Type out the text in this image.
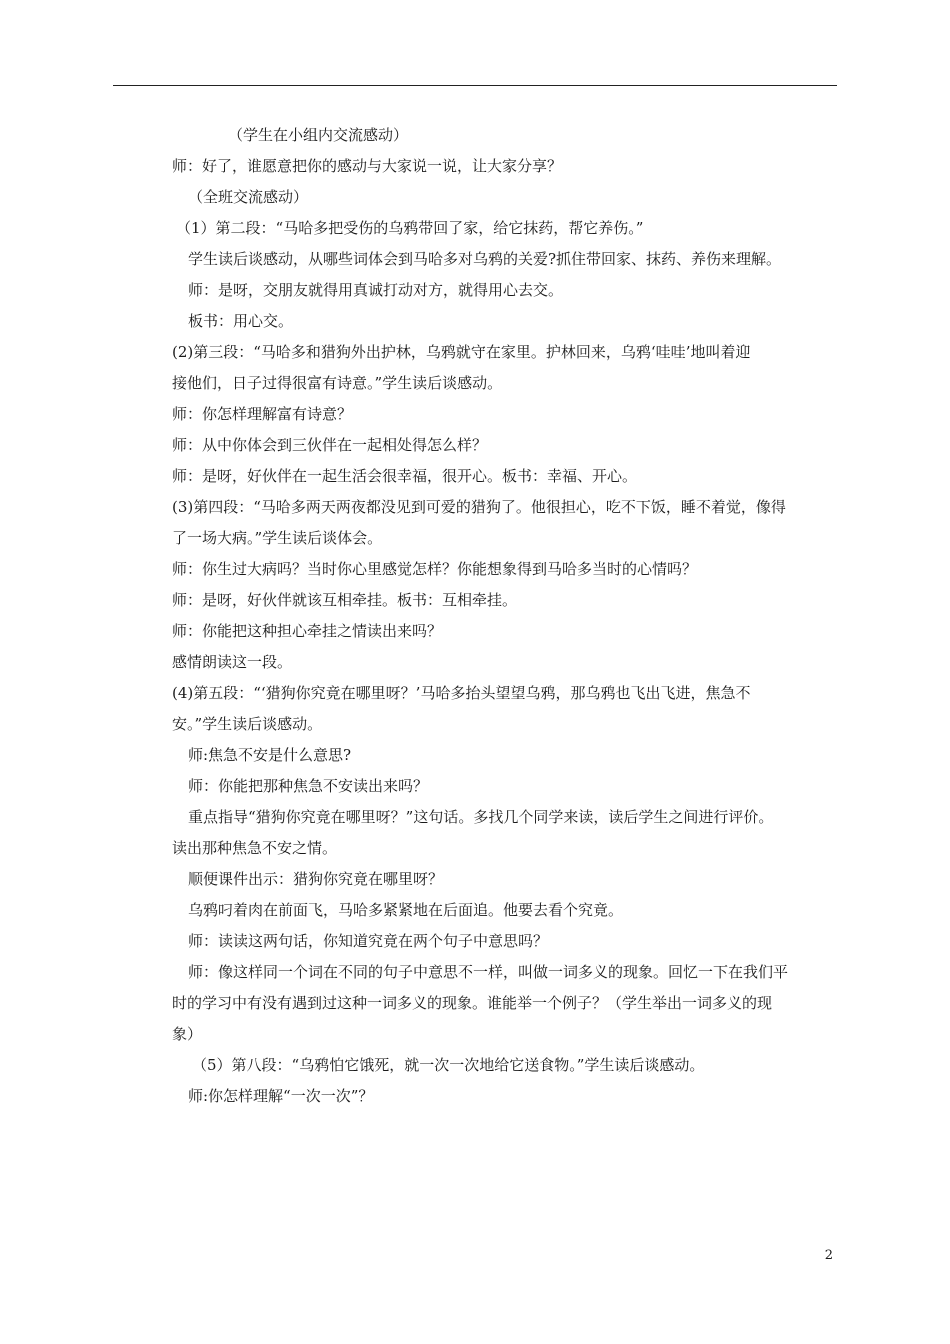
（学生在小组内交流感动）
师：好了，谁愿意把你的感动与大家说一说，让大家分享？
（全班交流感动）
（1）第二段：“马哈多把受伤的乌鸦带回了家，给它抹药，帮它养伤。”
学生读后谈感动，从哪些词体会到马哈多对乌鸦的关爱?抓住带回家、抹药、养伤来理解。
师：是呀，交朋友就得用真诚打动对方，就得用心去交。
板书：用心交。
(2)第三段：“马哈多和猎狗外出护林，乌鸦就守在家里。护林回来，乌鸦‘哇哇’地叫着迎
接他们，日子过得很富有诗意。”学生读后谈感动。
师：你怎样理解富有诗意？
师：从中你体会到三伙伴在一起相处得怎么样？
师：是呀，好伙伴在一起生活会很幸福，很开心。板书：幸福、开心。
(3)第四段：“马哈多两天两夜都没见到可爱的猎狗了。他很担心，吃不下饭，睡不着觉，像得
了一场大病。”学生读后谈体会。
师：你生过大病吗？当时你心里感觉怎样？你能想象得到马哈多当时的心情吗？
师：是呀，好伙伴就该互相牵挂。板书：互相牵挂。
师：你能把这种担心牵挂之情读出来吗？
感情朗读这一段。
(4)第五段：“‘猎狗你究竟在哪里呀？’马哈多抬头望望乌鸦，那乌鸦也飞出飞进，焦急不
安。”学生读后谈感动。
师:焦急不安是什么意思?
师：你能把那种焦急不安读出来吗？
重点指导“猎狗你究竟在哪里呀？”这句话。多找几个同学来读，读后学生之间进行评价。
读出那种焦急不安之情。
顺便课件出示：猎狗你究竟在哪里呀？
乌鸦叼着肉在前面飞，马哈多紧紧地在后面追。他要去看个究竟。
师：读读这两句话，你知道究竟在两个句子中意思吗？
师：像这样同一个词在不同的句子中意思不一样，叫做一词多义的现象。回忆一下在我们平
时的学习中有没有遇到过这种一词多义的现象。谁能举一个例子？（学生举出一词多义的现
象）
（5）第八段：“乌鸦怕它饿死，就一次一次地给它送食物。”学生读后谈感动。
师:你怎样理解“一次一次”？
2
